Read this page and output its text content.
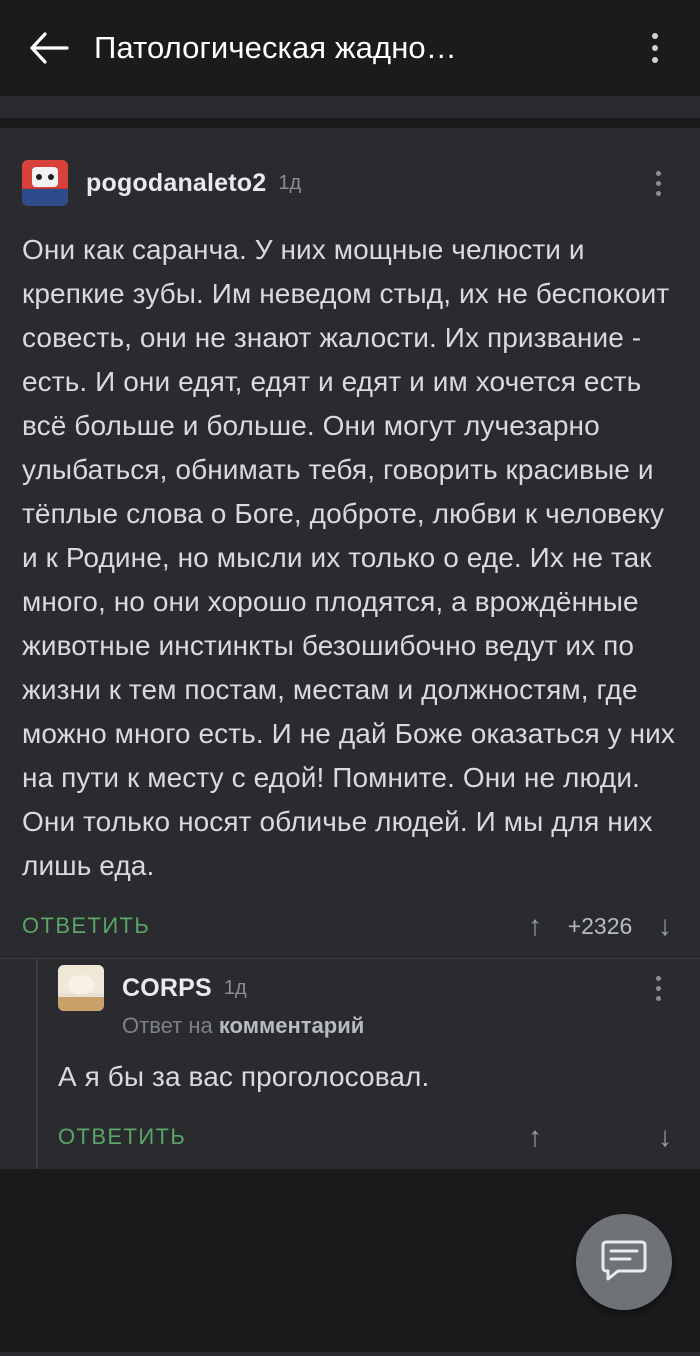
Патологическая жадно…
pogodanaleto2 1д
Они как саранча. У них мощные челюсти и крепкие зубы. Им неведом стыд, их не беспокоит совесть, они не знают жалости. Их призвание - есть. И они едят, едят и едят и им хочется есть всё больше и больше. Они могут лучезарно улыбаться, обнимать тебя, говорить красивые и тёплые слова о Боге, доброте, любви к человеку и к Родине, но мысли их только о еде. Их не так много, но они хорошо плодятся, а врождённые животные инстинкты безошибочно ведут их по жизни к тем постам, местам и должностям, где можно много есть. И не дай Боже оказаться у них на пути к месту с едой! Помните. Они не люди. Они только носят обличье людей. И мы для них лишь еда.
ОТВЕТИТЬ	↑ +2326 ↓
CORPS 1д
Ответ на комментарий
А я бы за вас проголосовал.
ОТВЕТИТЬ	↑	↓
